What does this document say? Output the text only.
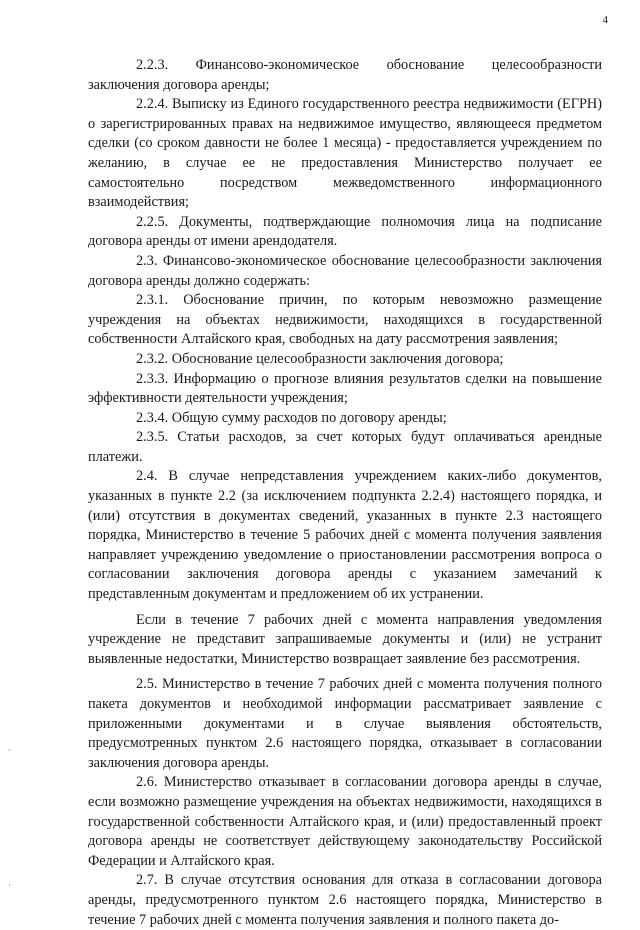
4

2.2.3. Финансово-экономическое обоснование целесообразности заключения договора аренды;

2.2.4. Выписку из Единого государственного реестра недвижимости (ЕГРН) о зарегистрированных правах на недвижимое имущество, являющееся предметом сделки (со сроком давности не более 1 месяца) - предоставляется учреждением по желанию, в случае ее не предоставления Министерство получает ее самостоятельно посредством межведомственного информационного взаимодействия;

2.2.5. Документы, подтверждающие полномочия лица на подписание договора аренды от имени арендодателя.

2.3. Финансово-экономическое обоснование целесообразности заключения договора аренды должно содержать:

2.3.1. Обоснование причин, по которым невозможно размещение учреждения на объектах недвижимости, находящихся в государственной собственности Алтайского края, свободных на дату рассмотрения заявления;

2.3.2. Обоснование целесообразности заключения договора;

2.3.3. Информацию о прогнозе влияния результатов сделки на повышение эффективности деятельности учреждения;

2.3.4. Общую сумму расходов по договору аренды;

2.3.5. Статьи расходов, за счет которых будут оплачиваться арендные платежи.

2.4. В случае непредставления учреждением каких-либо документов, указанных в пункте 2.2 (за исключением подпункта 2.2.4) настоящего порядка, и (или) отсутствия в документах сведений, указанных в пункте 2.3 настоящего порядка, Министерство в течение 5 рабочих дней с момента получения заявления направляет учреждению уведомление о приостановлении рассмотрения вопроса о согласовании заключения договора аренды с указанием замечаний к представленным документам и предложением об их устранении.

Если в течение 7 рабочих дней с момента направления уведомления учреждение не представит запрашиваемые документы и (или) не устранит выявленные недостатки, Министерство возвращает заявление без рассмотрения.

2.5. Министерство в течение 7 рабочих дней с момента получения полного пакета документов и необходимой информации рассматривает заявление с приложенными документами и в случае выявления обстоятельств, предусмотренных пунктом 2.6 настоящего порядка, отказывает в согласовании заключения договора аренды.

2.6. Министерство отказывает в согласовании договора аренды в случае, если возможно размещение учреждения на объектах недвижимости, находящихся в государственной собственности Алтайского края, и (или) предоставленный проект договора аренды не соответствует действующему законодательству Российской Федерации и Алтайского края.

2.7. В случае отсутствия основания для отказа в согласовании договора аренды, предусмотренного пунктом 2.6 настоящего порядка, Министерство в течение 7 рабочих дней с момента получения заявления и полного пакета до-

·
·
